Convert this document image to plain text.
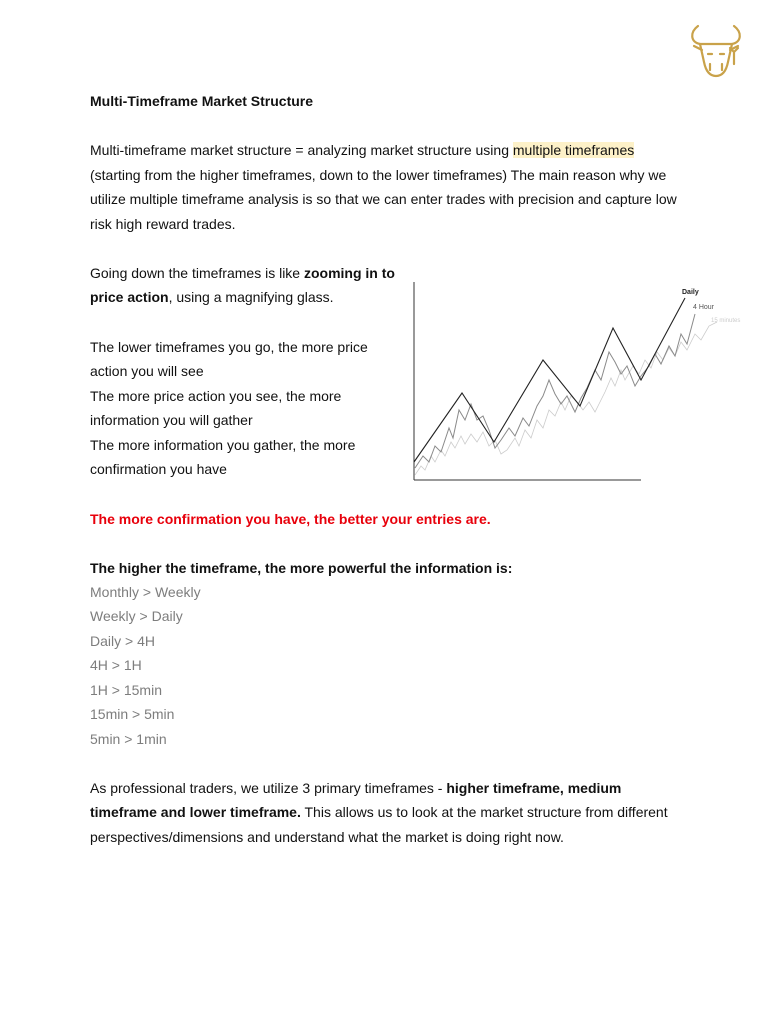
Multi-Timeframe Market Structure

Multi-timeframe market structure = analyzing market structure using multiple timeframes

(starting from the higher timeframes, down to the lower timeframes) The main reason why we

utilize multiple timeframe analysis is so that we can enter trades with precision and capture low

risk high reward trades.

Going down the timeframes is like zooming in to

price action, using a magnifying glass.

The lower timeframes you go, the more price

action you will see

The more price action you see, the more

information you will gather

The more information you gather, the more

confirmation you have

Daily
4 Hour
15 minutes

The more confirmation you have, the better your entries are.

The higher the timeframe, the more powerful the information is:

Monthly > Weekly

Weekly > Daily

Daily > 4H

4H > 1H

1H > 15min

15min > 5min

5min > 1min

As professional traders, we utilize 3 primary timeframes - higher timeframe, medium

timeframe and lower timeframe. This allows us to look at the market structure from different

perspectives/dimensions and understand what the market is doing right now.
